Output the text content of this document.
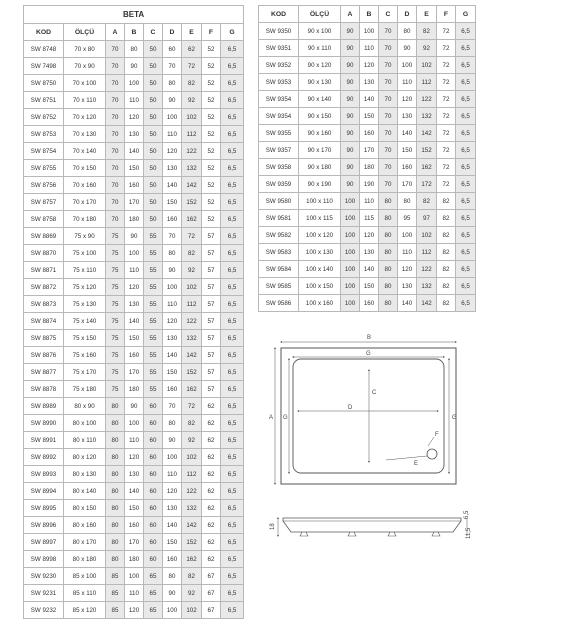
BETA								
KOD	ÖLÇÜ	A	B	C	D	E	F	G
SW 8748	70 x 80	70	80	50	60	62	52	6,5
SW 7498	70 x 90	70	90	50	70	72	52	6,5
SW 8750	70 x 100	70	100	50	80	82	52	6,5
SW 8751	70 x 110	70	110	50	90	92	52	6,5
SW 8752	70 x 120	70	120	50	100	102	52	6,5
SW 8753	70 x 130	70	130	50	110	112	52	6,5
SW 8754	70 x 140	70	140	50	120	122	52	6,5
SW 8755	70 x 150	70	150	50	130	132	52	6,5
SW 8756	70 x 160	70	160	50	140	142	52	6,5
SW 8757	70 x 170	70	170	50	150	152	52	6,5
SW 8758	70 x 180	70	180	50	160	162	52	6,5
SW 8869	75 x 90	75	90	55	70	72	57	6,5
SW 8870	75 x 100	75	100	55	80	82	57	6,5
SW 8871	75 x 110	75	110	55	90	92	57	6,5
SW 8872	75 x 120	75	120	55	100	102	57	6,5
SW 8873	75 x 130	75	130	55	110	112	57	6,5
SW 8874	75 x 140	75	140	55	120	122	57	6,5
SW 8875	75 x 150	75	150	55	130	132	57	6,5
SW 8876	75 x 160	75	160	55	140	142	57	6,5
SW 8877	75 x 170	75	170	55	150	152	57	6,5
SW 8878	75 x 180	75	180	55	160	162	57	6,5
SW 8989	80 x 90	80	90	60	70	72	62	6,5
SW 8990	80 x 100	80	100	60	80	82	62	6,5
SW 8991	80 x 110	80	110	60	90	92	62	6,5
SW 8992	80 x 120	80	120	60	100	102	62	6,5
SW 8993	80 x 130	80	130	60	110	112	62	6,5
SW 8994	80 x 140	80	140	60	120	122	62	6,5
SW 8995	80 x 150	80	150	60	130	132	62	6,5
SW 8996	80 x 160	80	160	60	140	142	62	6,5
SW 8997	80 x 170	80	170	60	150	152	62	6,5
SW 8998	80 x 180	80	180	60	160	162	62	6,5
SW 9230	85 x 100	85	100	65	80	82	67	6,5
SW 9231	85 x 110	85	110	65	90	92	67	6,5
SW 9232	85 x 120	85	120	65	100	102	67	6,5
KOD	ÖLÇÜ	A	B	C	D	E	F	G
SW 9350	90 x 100	90	100	70	80	82	72	6,5
SW 9351	90 x 110	90	110	70	90	92	72	6,5
SW 9352	90 x 120	90	120	70	100	102	72	6,5
SW 9353	90 x 130	90	130	70	110	112	72	6,5
SW 9354	90 x 140	90	140	70	120	122	72	6,5
SW 9354	90 x 150	90	150	70	130	132	72	6,5
SW 9355	90 x 160	90	160	70	140	142	72	6,5
SW 9357	90 x 170	90	170	70	150	152	72	6,5
SW 9358	90 x 180	90	180	70	160	162	72	6,5
SW 9359	90 x 190	90	190	70	170	172	72	6,5
SW 9580	100 x 110	100	110	80	80	82	82	6,5
SW 9581	100 x 115	100	115	80	95	97	82	6,5
SW 9582	100 x 120	100	120	80	100	102	82	6,5
SW 9583	100 x 130	100	130	80	110	112	82	6,5
SW 9584	100 x 140	100	140	80	120	122	82	6,5
SW 9585	100 x 150	100	150	80	130	132	82	6,5
SW 9586	100 x 160	100	160	80	140	142	82	6,5
B
G
A G	G
C
D
E
F
18
6,5
11,5
